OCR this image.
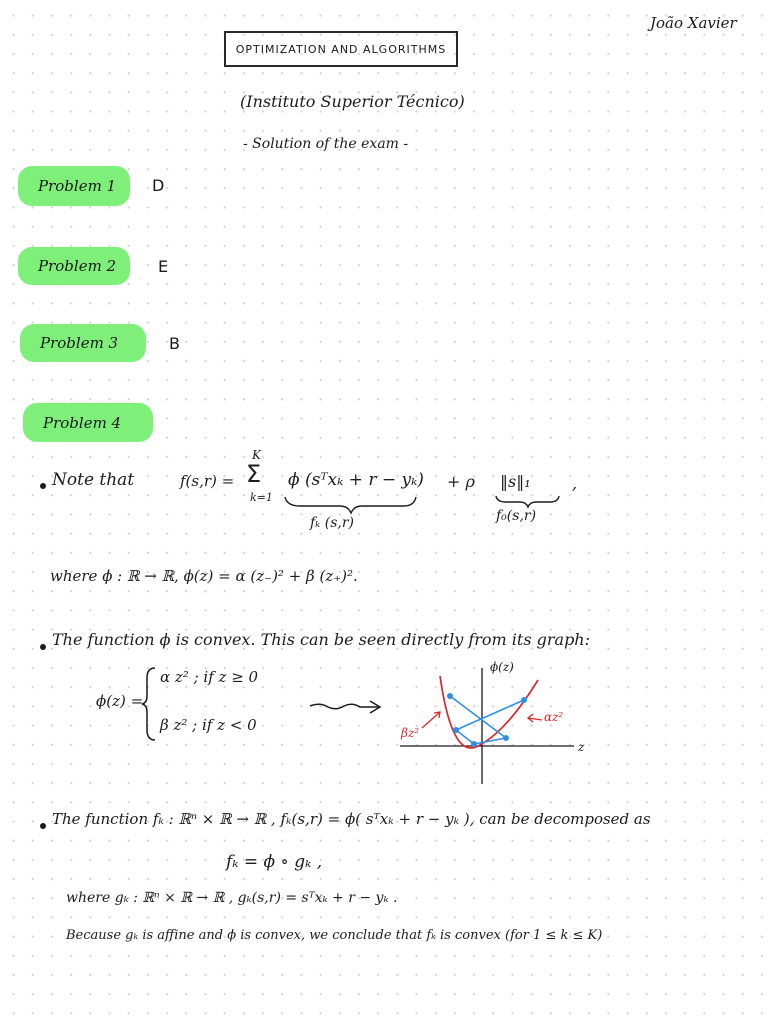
João Xavier
OPTIMIZATION AND ALGORITHMS
(Instituto Superior Técnico)
- Solution of the exam -
Problem 1	D
Problem 2	E
Problem 3	B
Problem 4
Note that	f(s,r) =
K
Σ
k=1
ϕ (sᵀxₖ + r − yₖ) + ρ ‖s‖₁	,
fₖ (s,r)	f₀(s,r)
where ϕ : ℝ → ℝ, ϕ(z) = α (z₋)² + β (z₊)².
The function ϕ is convex. This can be seen directly from its graph:
ϕ(z) =
α z² ; if z ≥ 0
β z² ; if z < 0
ϕ(z)
z
βz²
αz²
The function fₖ : ℝⁿ × ℝ → ℝ , fₖ(s,r) = ϕ( sᵀxₖ + r − yₖ ), can be decomposed as
fₖ = ϕ ∘ gₖ ,
where gₖ : ℝⁿ × ℝ → ℝ , gₖ(s,r) = sᵀxₖ + r − yₖ .
Because gₖ is affine and ϕ is convex, we conclude that fₖ is convex (for 1 ≤ k ≤ K)
